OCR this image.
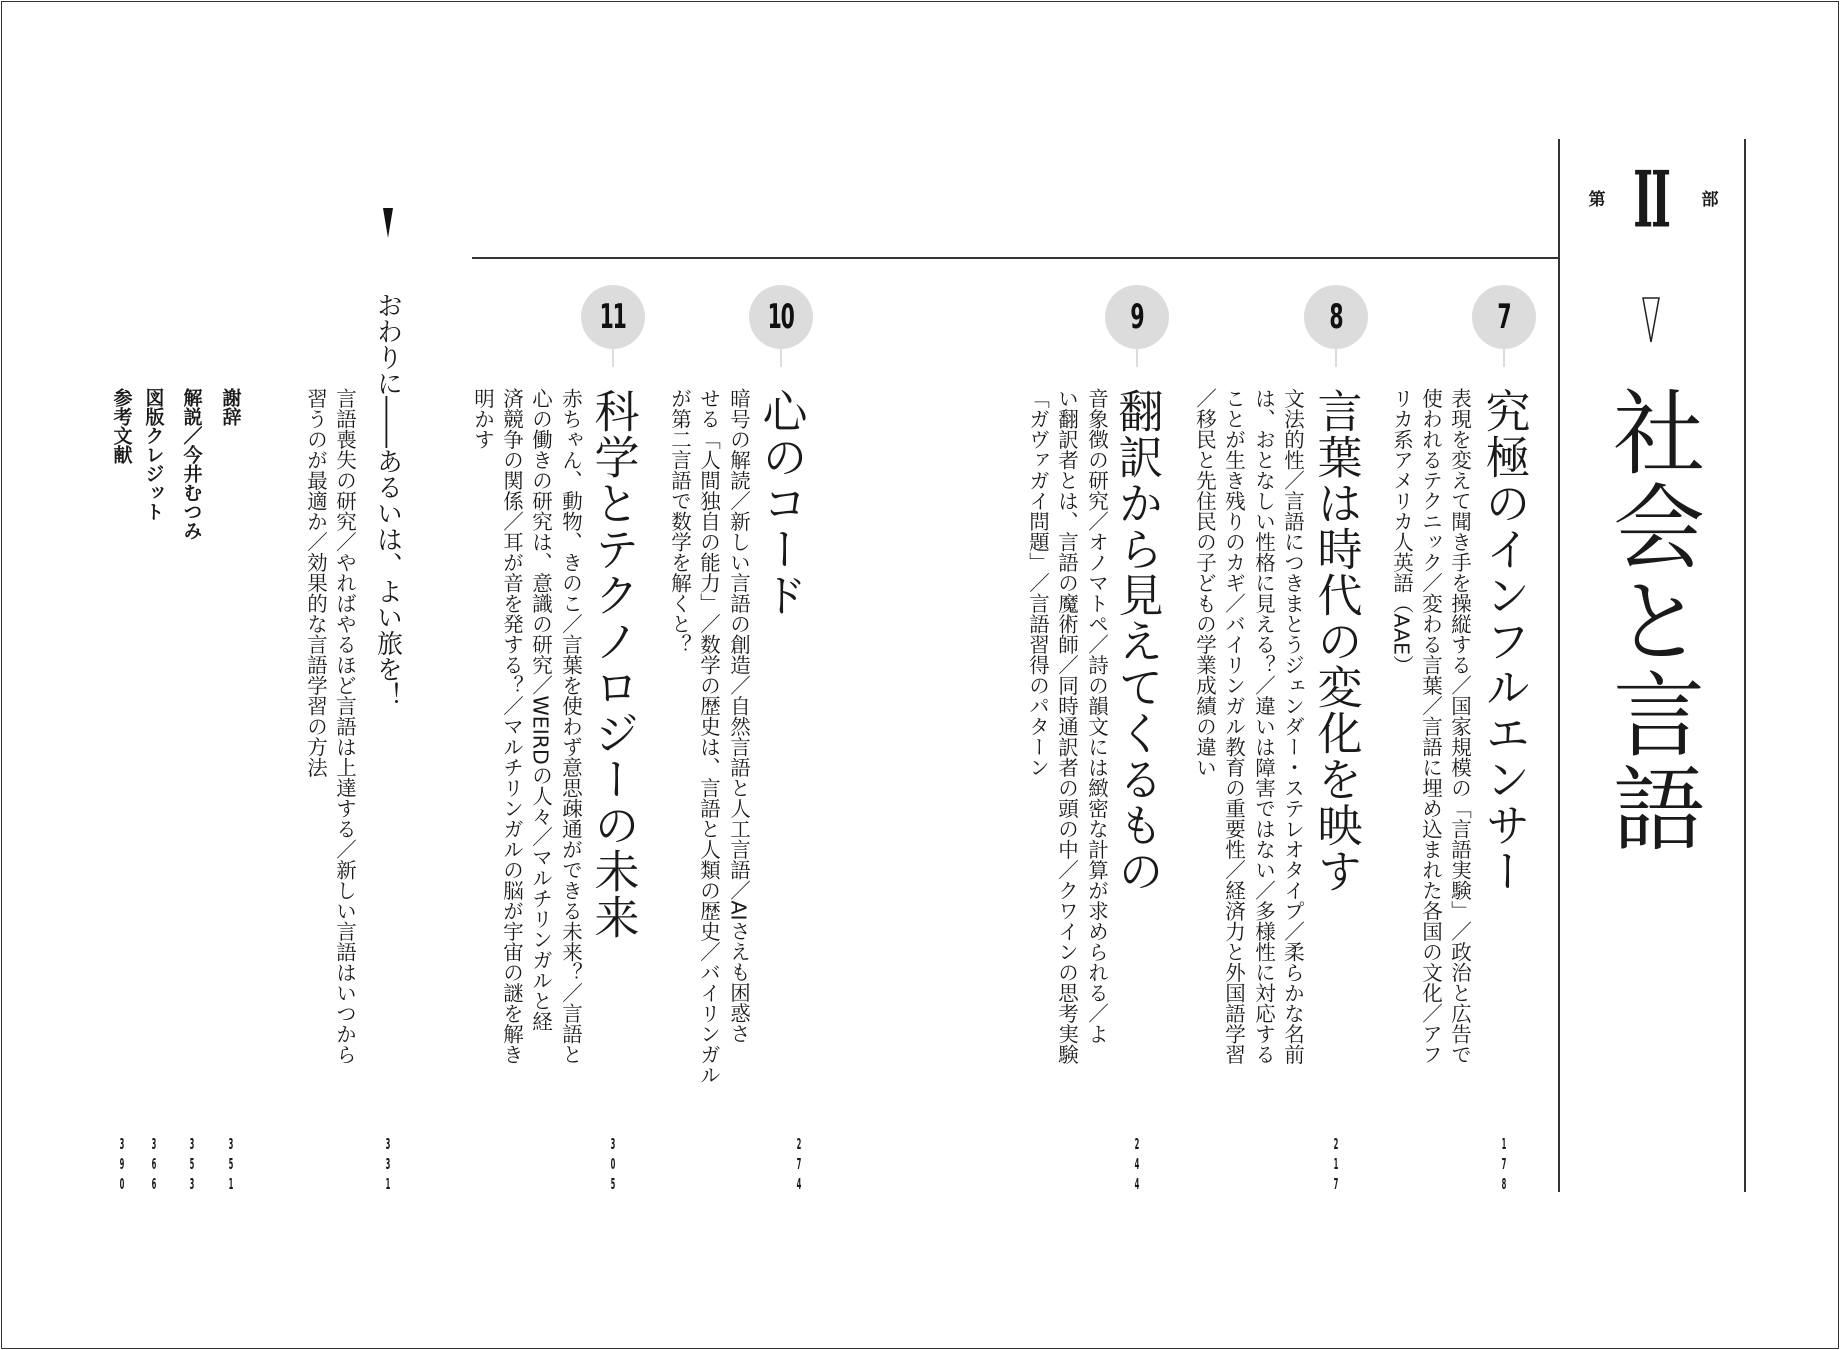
第 II	部
社会と言語
7
究極のインフルエンサー
表現を変えて聞き手を操縦する／国家規模の「言語実験」／政治と広告で
使われるテクニック／変わる言葉／言語に埋め込まれた各国の文化／アフ
リカ系アメリカ人英語（AAE）
1
7
8
8
言葉は時代の変化を映す
文法的性／言語につきまとうジェンダー・ステレオタイプ／柔らかな名前
は、おとなしい性格に見える？／違いは障害ではない／多様性に対応する
ことが生き残りのカギ／バイリンガル教育の重要性／経済力と外国語学習
／移民と先住民の子どもの学業成績の違い
2
1
7
9
翻訳から見えてくるもの
音象徴の研究／オノマトペ／詩の韻文には緻密な計算が求められる／よ
い翻訳者とは、言語の魔術師／同時通訳者の頭の中／クワインの思考実験
「ガヴァガイ問題」／言語習得のパターン
2
4
4
10
心のコード
暗号の解読／新しい言語の創造／自然言語と人工言語／AIさえも困惑さ
せる「人間独自の能力」／数学の歴史は、言語と人類の歴史／バイリンガル
が第二言語で数学を解くと？
2
7
4
11
科学とテクノロジーの未来
赤ちゃん、動物、きのこ／言葉を使わず意思疎通ができる未来？／言語と
心の働きの研究は、意識の研究／WEIRDの人々／マルチリンガルと経
済競争の関係／耳が音を発する？／マルチリンガルの脳が宇宙の謎を解き
明かす
3
0
5
おわりに――あるいは、よい旅を！
言語喪失の研究／やればやるほど言語は上達する／新しい言語はいつから
習うのが最適か／効果的な言語学習の方法
3
3
1
謝辞
3
5
1
解説／今井むつみ
3
5
3
図版クレジット
3
6
6
参考文献
3
9
0
